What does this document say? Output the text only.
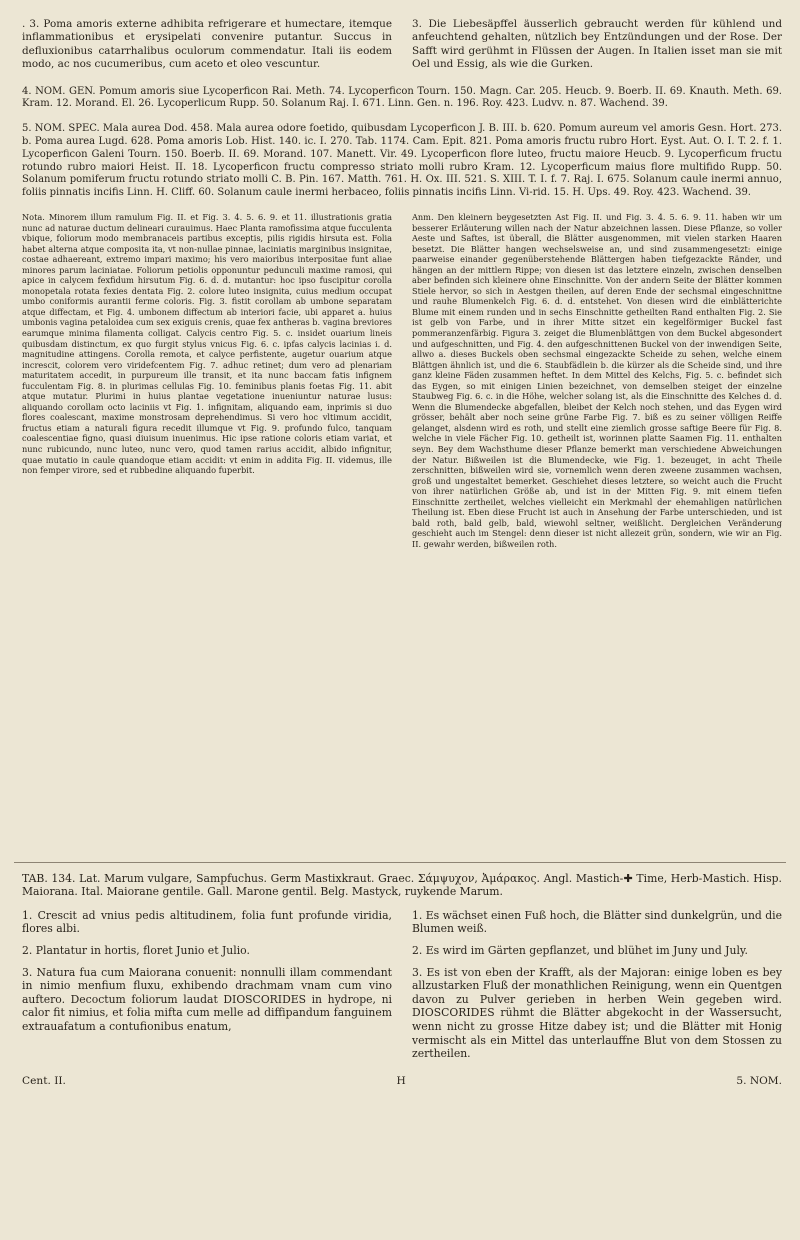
. 3. Poma amoris externe adhibita refrigerare et humectare, itemque inflammationibus et erysipelati convenire putantur. Succus in defluxionibus catarrhalibus oculorum commendatur. Itali iis eodem modo, ac nos cucumeribus, cum aceto et oleo vescuntur.

3. Die Liebesäpffel äusserlich gebraucht werden für kühlend und anfeuchtend gehalten, nützlich bey Entzündungen und der Rose. Der Safft wird gerühmt in Flüssen der Augen. In Italien isset man sie mit Oel und Essig, als wie die Gurken.

4. NOM. GEN. Pomum amoris siue Lycoperficon Rai. Meth. 74. Lycoperficon Tourn. 150. Magn. Car. 205. Heucb. 9. Boerb. II. 69. Knauth. Meth. 69. Kram. 12. Morand. El. 26. Lycoperlicum Rupp. 50. Solanum Raj. I. 671. Linn. Gen. n. 196. Roy. 423. Ludvv. n. 87. Wachend. 39.

5. NOM. SPEC. Mala aurea Dod. 458. Mala aurea odore foetido, quibusdam Lycoperficon J. B. III. b. 620. Pomum aureum vel amoris Gesn. Hort. 273. b. Poma aurea Lugd. 628. Poma amoris Lob. Hist. 140. ic. I. 270. Tab. 1174. Cam. Epit. 821. Poma amoris fructu rubro Hort. Eyst. Aut. O. I. T. 2. f. 1. Lycoperficon Galeni Tourn. 150. Boerb. II. 69. Morand. 107. Manett. Vir. 49. Lycoperficon flore luteo, fructu maiore Heucb. 9. Lycoperficum fructu rotundo rubro maiori Heist. II. 18. Lycoperficon fructu compresso striato molli rubro Kram. 12. Lycoperficum maius flore multifido Rupp. 50. Solanum pomiferum fructu rotundo striato molli C. B. Pin. 167. Matth. 761. H. Ox. III. 521. S. XIII. T. I. f. 7. Raj. I. 675. Solanum caule inermi annuo, foliis pinnatis incifis Linn. H. Cliff. 60. Solanum caule inermi herbaceo, foliis pinnatis incifis Linn. Vi-rid. 15. H. Ups. 49. Roy. 423. Wachend. 39.

Nota. Minorem illum ramulum Fig. II. et Fig. 3. 4. 5. 6. 9. et 11. illustrationis gratia nunc ad naturae ductum delineari curauimus. Haec Planta ramofissima atque fucculenta vbique, foliorum modo membranaceis partibus exceptis, pilis rigidis hirsuta est. Folia habet alterna atque composita ita, vt non-nullae pinnae, laciniatis marginibus insignitae, costae adhaereant, extremo impari maximo; his vero maioribus interpositae funt aliae minores parum laciniatae. Foliorum petiolis opponuntur pedunculi maxime ramosi, qui apice in calycem fexfidum hirsutum Fig. 6. d. d. mutantur: hoc ipso fuscipitur corolla monopetala rotata fexies dentata Fig. 2. colore luteo insignita, cuius medium occupat umbo coniformis aurantii ferme coloris. Fig. 3. fistit corollam ab umbone separatam atque diffectam, et Fig. 4. umbonem diffectum ab interiori facie, ubi apparet a. huius umbonis vagina petaloidea cum sex exiguis crenis, quae fex antheras b. vagina breviores earumque minima filamenta colligat. Calycis centro Fig. 5. c. insidet ouarium lineis quibusdam distinctum, ex quo furgit stylus vnicus Fig. 6. c. ipfas calycis lacinias i. d. magnitudine attingens. Corolla remota, et calyce perfistente, augetur ouarium atque increscit, colorem vero viridefcentem Fig. 7. adhuc retinet; dum vero ad plenariam maturitatem accedit, in purpureum ille transit, et ita nunc baccam fatis infignem fucculentam Fig. 8. in plurimas cellulas Fig. 10. feminibus planis foetas Fig. 11. abit atque mutatur. Plurimi in huius plantae vegetatione inueniuntur naturae lusus: aliquando corollam octo laciniis vt Fig. 1. infignitam, aliquando eam, inprimis si duo flores coalescant, maxime monstrosam deprehendimus. Si vero hoc vltimum accidit, fructus etiam a naturali figura recedit illumque vt Fig. 9. profundo fulco, tanquam coalescentiae figno, quasi diuisum inuenimus. Hic ipse ratione coloris etiam variat, et nunc rubicundo, nunc luteo, nunc vero, quod tamen rarius accidit, albido infignitur, quae mutatio in caule quandoque etiam accidit: vt enim in addita Fig. II. videmus, ille non femper virore, sed et rubbedine aliquando fuperbit.

Anm. Den kleinern beygesetzten Ast Fig. II. und Fig. 3. 4. 5. 6. 9. 11. haben wir um besserer Erläuterung willen nach der Natur abzeichnen lassen. Diese Pflanze, so voller Aeste und Saftes, ist überall, die Blätter ausgenommen, mit vielen starken Haaren besetzt. Die Blätter hangen wechselsweise an, und sind zusammengesetzt: einige paarweise einander gegenüberstehende Blättergen haben tiefgezackte Ränder, und hängen an der mittlern Rippe; von diesen ist das letztere einzeln, zwischen denselben aber befinden sich kleinere ohne Einschnitte. Von der andern Seite der Blätter kommen Stiele hervor, so sich in Aestgen theilen, auf deren Ende der sechsmal eingeschnittne und rauhe Blumenkelch Fig. 6. d. d. entstehet. Von diesen wird die einblätterichte Blume mit einem runden und in sechs Einschnitte getheilten Rand enthalten Fig. 2. Sie ist gelb von Farbe, und in ihrer Mitte sitzet ein kegelförmiger Buckel fast pommeranzenfärbig. Figura 3. zeiget die Blumenblättgen von dem Buckel abgesondert und aufgeschnitten, und Fig. 4. den aufgeschnittenen Buckel von der inwendigen Seite, allwo a. dieses Buckels oben sechsmal eingezackte Scheide zu sehen, welche einem Blättgen ähnlich ist, und die 6. Staubfädlein b. die kürzer als die Scheide sind, und ihre ganz kleine Fäden zusammen heftet. In dem Mittel des Kelchs, Fig. 5. c. befindet sich das Eygen, so mit einigen Linien bezeichnet, von demselben steiget der einzelne Staubweg Fig. 6. c. in die Höhe, welcher solang ist, als die Einschnitte des Kelches d. d. Wenn die Blumendecke abgefallen, bleibet der Kelch noch stehen, und das Eygen wird grösser, behält aber noch seine grüne Farbe Fig. 7. biß es zu seiner völligen Reiffe gelanget, alsdenn wird es roth, und stellt eine ziemlich grosse saftige Beere für Fig. 8. welche in viele Fächer Fig. 10. getheilt ist, worinnen platte Saamen Fig. 11. enthalten seyn. Bey dem Wachsthume dieser Pflanze bemerkt man verschiedene Abweichungen der Natur. Bißweilen ist die Blumendecke, wie Fig. 1. bezeuget, in acht Theile zerschnitten, bißweilen wird sie, vornemlich wenn deren zweene zusammen wachsen, groß und ungestaltet bemerket. Geschiehet dieses letztere, so weicht auch die Frucht von ihrer natürlichen Größe ab, und ist in der Mitten Fig. 9. mit einem tiefen Einschnitte zertheilet, welches vielleicht ein Merkmahl der ehemahligen natürlichen Theilung ist. Eben diese Frucht ist auch in Ansehung der Farbe unterschieden, und ist bald roth, bald gelb, bald, wiewohl seltner, weißlicht. Dergleichen Veränderung geschieht auch im Stengel: denn dieser ist nicht allezeit grün, sondern, wie wir an Fig. II. gewahr werden, bißweilen roth.

TAB. 134. Lat. Marum vulgare, Sampfuchus. Germ Mastixkraut. Graec. Σάμψυχον, Ἀμάρακος. Angl. Mastich-✚ Time, Herb-Mastich. Hisp. Maiorana. Ital. Maiorane gentile. Gall. Marone gentil. Belg. Mastyck, ruykende Marum.

1. Crescit ad vnius pedis altitudinem, folia funt profunde viridia, flores albi.

2. Plantatur in hortis, floret Junio et Julio.

3. Natura fua cum Maiorana conuenit: nonnulli illam commendant in nimio menfium fluxu, exhibendo drachmam vnam cum vino auftero. Decoctum foliorum laudat DIOSCORIDES in hydrope, ni calor fit nimius, et folia mifta cum melle ad diffipandum fanguinem extrauafatum a contufionibus enatum,

1. Es wächset einen Fuß hoch, die Blätter sind dunkelgrün, und die Blumen weiß.

2. Es wird im Gärten gepflanzet, und blühet im Juny und July.

3. Es ist von eben der Krafft, als der Majoran: einige loben es bey allzustarken Fluß der monathlichen Reinigung, wenn ein Quentgen davon zu Pulver gerieben in herben Wein gegeben wird. DIOSCORIDES rühmt die Blätter abgekocht in der Wassersucht, wenn nicht zu grosse Hitze dabey ist; und die Blätter mit Honig vermischt als ein Mittel das unterlauffne Blut von dem Stossen zu zertheilen.

Cent. II.	H	5. NOM.
